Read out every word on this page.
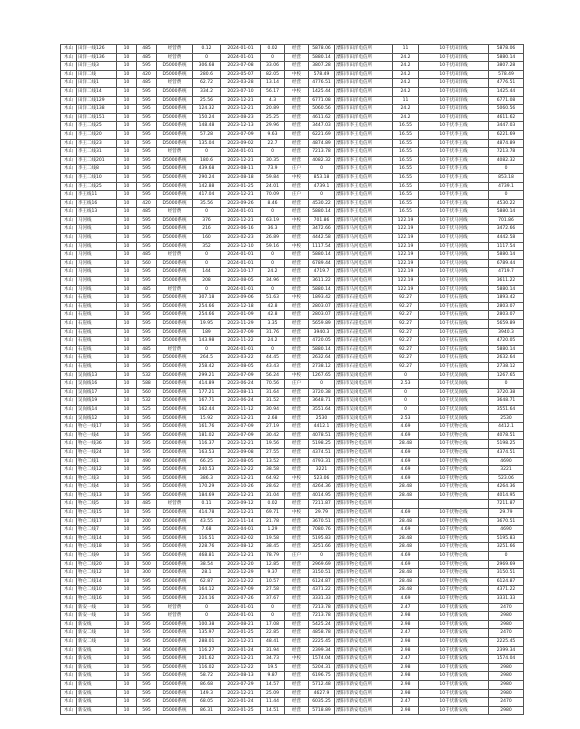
木山	田洋一线126	10	485	经营费	0.12	2024-01-01	0.02	经营	5878.06	溧阳市田洋电信所	11	10千伏田洋线	5878.06
木山	田洋一线136	10	485	经营费	0	2024-01-01	0	经营	5880.14	溧阳市田洋电信所	24.2	10千伏田洋线	5880.14
木山	田洋三线3	10	595	D5000系统	306.68	2023-07-08	33.06	经营	3807.28	溧阳市田洋电信所	24.2	10千伏田洋线	3807.28
木山	田洋二线	10	420	D5000系统	280.6	2023-05-07	82.05	中校	578.49	溧阳市田洋电信所	24.2	10千伏田洋线	578.49
木山	田洋二线1	10	485	经营费	62.72	2023-03-28	13.14	经营	4776.51	溧阳市田洋电信所	24.2	10千伏田洋线	4776.51
木山	田洋二线14	10	595	D5000系统	334.2	2023-07-10	56.17	中校	1425.44	溧阳市田洋电信所	24.2	10千伏田洋线	1425.44
木山	田洋二线129	10	595	D5000系统	25.56	2023-12-21	4.3	经营	6771.08	溧阳市田洋电信所	11	10千伏田洋线	6771.08
木山	田洋二线138	10	595	D5000系统	124.32	2023-12-21	20.89	经营	5060.56	溧阳市田洋电信所	24.2	10千伏田洋线	5060.56
木山	田洋二线151	10	595	D5000系统	150.24	2023-08-23	25.25	经营	4611.62	溧阳市田洋电信所	24.2	10千伏田洋线	4611.62
木山	李王二线25	10	595	D5000系统	148.48	2023-12-13	29.96	经营	3447.03	溧阳市李王电信所	16.55	10千伏李王线	3447.03
木山	李王二线20	10	595	D5000系统	57.28	2023-07-09	9.63	经营	6221.69	溧阳市李王电信所	16.55	10千伏李王线	6221.69
木山	李王二线23	10	595	D5000系统	135.04	2023-09-02	22.7	经营	4874.89	溧阳市李王电信所	16.55	10千伏李王线	4874.89
木山	李王二线31	10	595	经营费	0	2024-01-01	0	经营	7213.78	溧阳市李王电信所	16.55	10千伏李王线	7213.78
木山	李王二线201	10	595	D5000系统	180.6	2023-12-21	30.35	经营	4082.32	溧阳市李王电信所	16.55	10千伏李王线	4082.32
木山	李王二线8	10	595	D5000系统	439.68	2023-08-11	73.9	庄户	0	溧阳市李王电信所	16.55	10千伏李王线	0
木山	李王二线10	10	595	D5000系统	290.24	2023-08-18	59.84	中校	853.18	溧阳市李王电信所	16.55	10千伏李王线	853.18
木山	李王二线25	10	595	D5000系统	142.88	2023-01-25	24.01	经营	4739.1	溧阳市李王电信所	16.55	10千伏李王线	4739.1
木山	李王线11	10	595	D5000系统	417.04	2023-12-21	70.09	庄户	0	溧阳市李王电信所	16.55	10千伏李王线	0
木山	李王线16	10	420	D5000系统	35.56	2023-09-26	8.46	经营	4530.22	溧阳市李王电信所	16.55	10千伏李王线	4530.22
木山	李王线13	10	485	经营费	0	2024-01-01	0	经营	5880.14	溧阳市李王电信所	16.55	10千伏李王线	5880.14
木山	马河线	10	595	D5000系统	376	2023-12-21	63.19	中校	701.86	溧阳市马河电信所	122.19	10千伏马河线	701.86
木山	马河线	10	595	D5000系统	216	2023-06-16	36.3	经营	3472.66	溧阳市马河电信所	122.19	10千伏马河线	3472.66
木山	马河线	10	595	D5000系统	160	2023-02-23	26.89	经营	4442.58	溧阳市马河电信所	122.19	10千伏马河线	4442.58
木山	马河线	10	595	D5000系统	352	2023-12-10	59.16	中校	1117.54	溧阳市马河电信所	122.19	10千伏马河线	1117.54
木山	马河线	10	485	经营费	0	2024-01-01	0	经营	5880.14	溧阳市马河电信所	122.19	10千伏马河线	5880.14
木山	马河线	10	560	D5000系统	0	2024-01-01	0	经营	6789.44	溧阳市马河电信所	122.19	10千伏马河线	6789.44
木山	马河线	10	595	D5000系统	144	2023-10-17	24.2	经营	4719.7	溧阳市马河电信所	122.19	10千伏马河线	4719.7
木山	马河线	10	595	D5000系统	208	2023-08-05	34.96	经营	3611.22	溧阳市马河电信所	122.19	10千伏马河线	3611.22
木山	马河线	10	485	经营费	0	2024-01-01	0	经营	5880.14	溧阳市马河电信所	122.19	10千伏马河线	5880.14
木山	石崖线	10	595	D5000系统	307.18	2023-09-06	51.63	中校	1893.42	溧阳市石崖电信所	92.27	10千伏石崖线	1893.42
木山	石崖线	10	595	D5000系统	254.66	2023-12-18	42.8	经营	2803.07	溧阳市石崖电信所	92.27	10千伏石崖线	2803.07
木山	石崖线	10	595	D5000系统	254.66	2023-01-09	42.8	经营	2803.07	溧阳市石崖电信所	92.27	10千伏石崖线	2803.07
木山	石崖线	10	595	D5000系统	19.95	2023-11-29	3.35	经营	5659.89	溧阳市石崖电信所	92.27	10千伏石崖线	5659.89
木山	石崖线	10	595	D5000系统	189	2023-07-09	31.76	经营	3940.3	溧阳市石崖电信所	92.27	10千伏石崖线	3940.3
木山	石崖线	10	595	D5000系统	143.98	2023-11-22	24.2	经营	4720.05	溧阳市石崖电信所	92.27	10千伏石崖线	4720.05
木山	石崖线	10	485	经营费	0	2024-01-01	0	经营	5880.14	溧阳市石崖电信所	92.27	10千伏石崖线	5880.14
木山	石崖线	10	595	D5000系统	264.5	2023-03-22	44.45	经营	2632.64	溧阳市石崖电信所	92.27	10千伏石崖线	2632.64
木山	石崖线	10	595	D5000系统	258.42	2023-08-05	43.43	经营	2738.12	溧阳市石崖电信所	92.27	10千伏石崖线	2738.12
木山	吴岗线13	10	532	D5000系统	299.21	2023-07-09	56.24	中校	1267.65	溧阳市吴岗电信所	0	10千伏吴岗线	1267.65
木山	吴岗线16	10	588	D5000系统	414.89	2023-06-24	70.56	庄户	0	溧阳市吴岗电信所	2.53	10千伏吴岗线	0
木山	吴岗线17	10	560	D5000系统	177.21	2023-08-11	31.64	经营	3720.38	溧阳市吴岗电信所	0	10千伏吴岗线	3720.38
木山	吴岗线19	10	532	D5000系统	167.71	2023-06-24	31.52	经营	3648.71	溧阳市吴岗电信所	0	10千伏吴岗线	3648.71
木山	吴岗线14	10	525	D5000系统	162.44	2023-11-12	30.94	经营	3551.64	溧阳市吴岗电信所	0	10千伏吴岗线	3551.64
木山	吴岗线12	10	595	D5000系统	15.92	2023-12-21	2.68	经营	2530	溧阳市吴岗电信所	2.53	10千伏吴岗线	2530
木山	物仑一线17	10	595	D5000系统	161.76	2023-07-09	27.19	经营	4412.1	溧阳市物仑电信所	4.69	10千伏物仑线	4412.1
木山	物仑一线4	10	595	D5000系统	181.02	2023-07-09	30.42	经营	4078.51	溧阳市物仑电信所	4.69	10千伏物仑线	4078.51
木山	物仑一线36	10	595	D5000系统	116.37	2023-12-21	19.56	经营	5198.25	溧阳市物仑电信所	28.48	10千伏物仑线	5198.25
木山	物仑一线24	10	595	D5000系统	163.53	2023-09-08	27.55	经营	4374.51	溧阳市物仑电信所	4.69	10千伏物仑线	4374.51
木山	物仑二线1	10	490	D5000系统	66.25	2023-08-05	13.52	经营	4793.31	溧阳市物仑电信所	4.69	10千伏物仑线	4690
木山	物仑二线12	10	595	D5000系统	240.53	2023-12-22	38.58	经营	3221	溧阳市物仑电信所	4.69	10千伏物仑线	3221
木山	物仑二线3	10	595	D5000系统	386.3	2023-12-21	64.92	中校	523.06	溧阳市物仑电信所	4.69	10千伏物仑线	523.06
木山	物仑二线4	10	595	D5000系统	170.29	2023-10-26	28.62	经营	4264.36	溧阳市物仑电信所	28.48	10千伏物仑线	4264.36
木山	物仑二线13	10	595	D5000系统	184.69	2023-12-21	31.04	经营	4014.95	溧阳市物仑电信所	28.48	10千伏物仑线	4014.95
木山	物仑二线5	10	485	经营费	0.11	2023-09-12	0.02	经营	7211.87	溧阳市物仑电信所			7211.87
木山	物仑二线15	10	595	D5000系统	414.78	2023-12-21	69.71	中校	29.79	溧阳市物仑电信所	4.69	10千伏物仑线	29.79
木山	物仑二线17	10	200	D5000系统	43.55	2023-11-14	21.78	经营	3670.51	溧阳市物仑电信所	28.48	10千伏物仑线	3670.51
木山	物仑二线7	10	595	D5000系统	7.68	2023-04-01	1.29	经营	7080.76	溧阳市物仑电信所	4.69	10千伏物仑线	4690
木山	物仑二线14	10	595	D5000系统	116.51	2023-02-02	19.58	经营	5195.83	溧阳市物仑电信所	28.48	10千伏物仑线	5195.83
木山	物仑二线18	10	595	D5000系统	228.76	2023-08-12	38.45	经营	3251.66	溧阳市物仑电信所	28.48	10千伏物仑线	3251.66
木山	物仑二线9	10	595	D5000系统	468.81	2023-12-21	78.79	庄户	0	溧阳市物仑电信所	4.69	10千伏物仑线	0
木山	物仑二线20	10	500	D5000系统	38.54	2023-12-20	12.85	经营	2969.69	溧阳市物仑电信所	4.69	10千伏物仑线	2969.69
木山	物仑二线12	10	300	D5000系统	28.1	2023-12-29	9.37	经营	3150.51	溧阳市物仑电信所	28.48	10千伏物仑线	3150.51
木山	物仑二线14	10	595	D5000系统	62.87	2023-12-22	10.57	经营	6124.87	溧阳市物仑电信所	28.48	10千伏物仑线	6124.87
木山	物仑二线10	10	595	D5000系统	164.12	2023-07-09	27.58	经营	4371.22	溧阳市物仑电信所	28.48	10千伏物仑线	4371.22
木山	物仑二线16	10	595	D5000系统	224.16	2023-07-26	37.67	经营	3331.33	溧阳市物仑电信所	4.69	10千伏物仑线	3331.33
木山	新安一线	10	595	经营费	0	2024-01-01	0	经营	7213.78	溧阳市新安电信所	2.47	10千伏新安线	2470
木山	新安一线	10	595	经营费	0	2024-01-01	0	经营	7213.78	溧阳市新安电信所	2.98	10千伏新安线	2980
木山	新安线	10	595	D5000系统	100.38	2023-08-21	17.08	经营	5425.24	溧阳市新安电信所	2.98	10千伏新安线	2980
木山	新安二线	10	595	D5000系统	135.97	2023-01-25	22.85	经营	4858.78	溧阳市新安电信所	2.47	10千伏新安线	2470
木山	新安二线	10	595	D5000系统	288.01	2023-12-21	48.41	经营	2225.45	溧阳市新安电信所	2.98	10千伏新安线	2225.45
木山	新安线	10	364	D5000系统	116.27	2023-01-24	31.94	经营	2399.34	溧阳市新安电信所	2.98	10千伏新安线	2399.34
木山	新安线	10	595	D5000系统	201.62	2023-12-21	34.73	中校	1574.04	溧阳市新安电信所	2.47	10千伏新安线	1574.04
木山	新安线	10	595	D5000系统	116.02	2023-12-22	19.5	经营	5204.31	溧阳市新安电信所	2.98	10千伏新安线	2980
木山	新安线	10	595	D5000系统	58.72	2023-08-13	9.87	经营	6196.75	溧阳市新安电信所	2.98	10千伏新安线	2980
木山	新安线	10	595	D5000系统	86.68	2023-07-29	14.57	经营	5712.48	溧阳市新安电信所	2.98	10千伏新安线	2980
木山	新安线	10	595	D5000系统	149.3	2023-12-21	25.09	经营	4627.9	溧阳市新安电信所	2.98	10千伏新安线	2980
木山	新安线	10	595	D5000系统	68.05	2023-01-24	11.44	经营	6035.25	溧阳市新安电信所	2.47	10千伏新安线	2470
木山	新安线	10	595	D5000系统	86.31	2023-01-25	14.51	经营	5718.89	溧阳市新安电信所	2.98	10千伏新安线	2980
